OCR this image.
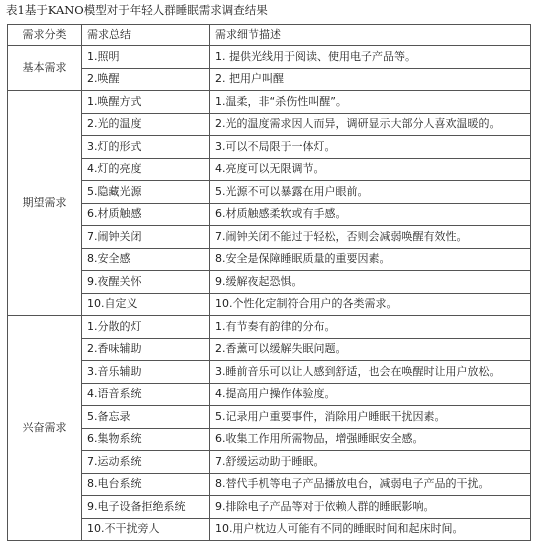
表1基于KANO模型对于年轻人群睡眠需求调查结果
需求分类	需求总结	需求细节描述
基本需求	1.照明	1. 提供光线用于阅读、使用电子产品等。
	2.唤醒	2. 把用户叫醒
期望需求	1.唤醒方式	1.温柔，非“杀伤性叫醒”。
	2.光的温度	2.光的温度需求因人而异，调研显示大部分人喜欢温暖的。
	3.灯的形式	3.可以不局限于一体灯。
	4.灯的亮度	4.亮度可以无限调节。
	5.隐藏光源	5.光源不可以暴露在用户眼前。
	6.材质触感	6.材质触感柔软或有手感。
	7.闹钟关闭	7.闹钟关闭不能过于轻松，否则会减弱唤醒有效性。
	8.安全感	8.安全是保障睡眠质量的重要因素。
	9.夜醒关怀	9.缓解夜起恐惧。
	10.自定义	10.个性化定制符合用户的各类需求。
兴奋需求	1.分散的灯	1.有节奏有韵律的分布。
	2.香味辅助	2.香薰可以缓解失眠问题。
	3.音乐辅助	3.睡前音乐可以让人感到舒适，也会在唤醒时让用户放松。
	4.语音系统	4.提高用户操作体验度。
	5.备忘录	5.记录用户重要事件，消除用户睡眠干扰因素。
	6.集物系统	6.收集工作用所需物品，增强睡眠安全感。
	7.运动系统	7.舒缓运动助于睡眠。
	8.电台系统	8.替代手机等电子产品播放电台，减弱电子产品的干扰。
	9.电子设备拒绝系统	9.排除电子产品等对于依赖人群的睡眠影响。
	10.不干扰旁人	10.用户枕边人可能有不同的睡眠时间和起床时间。
